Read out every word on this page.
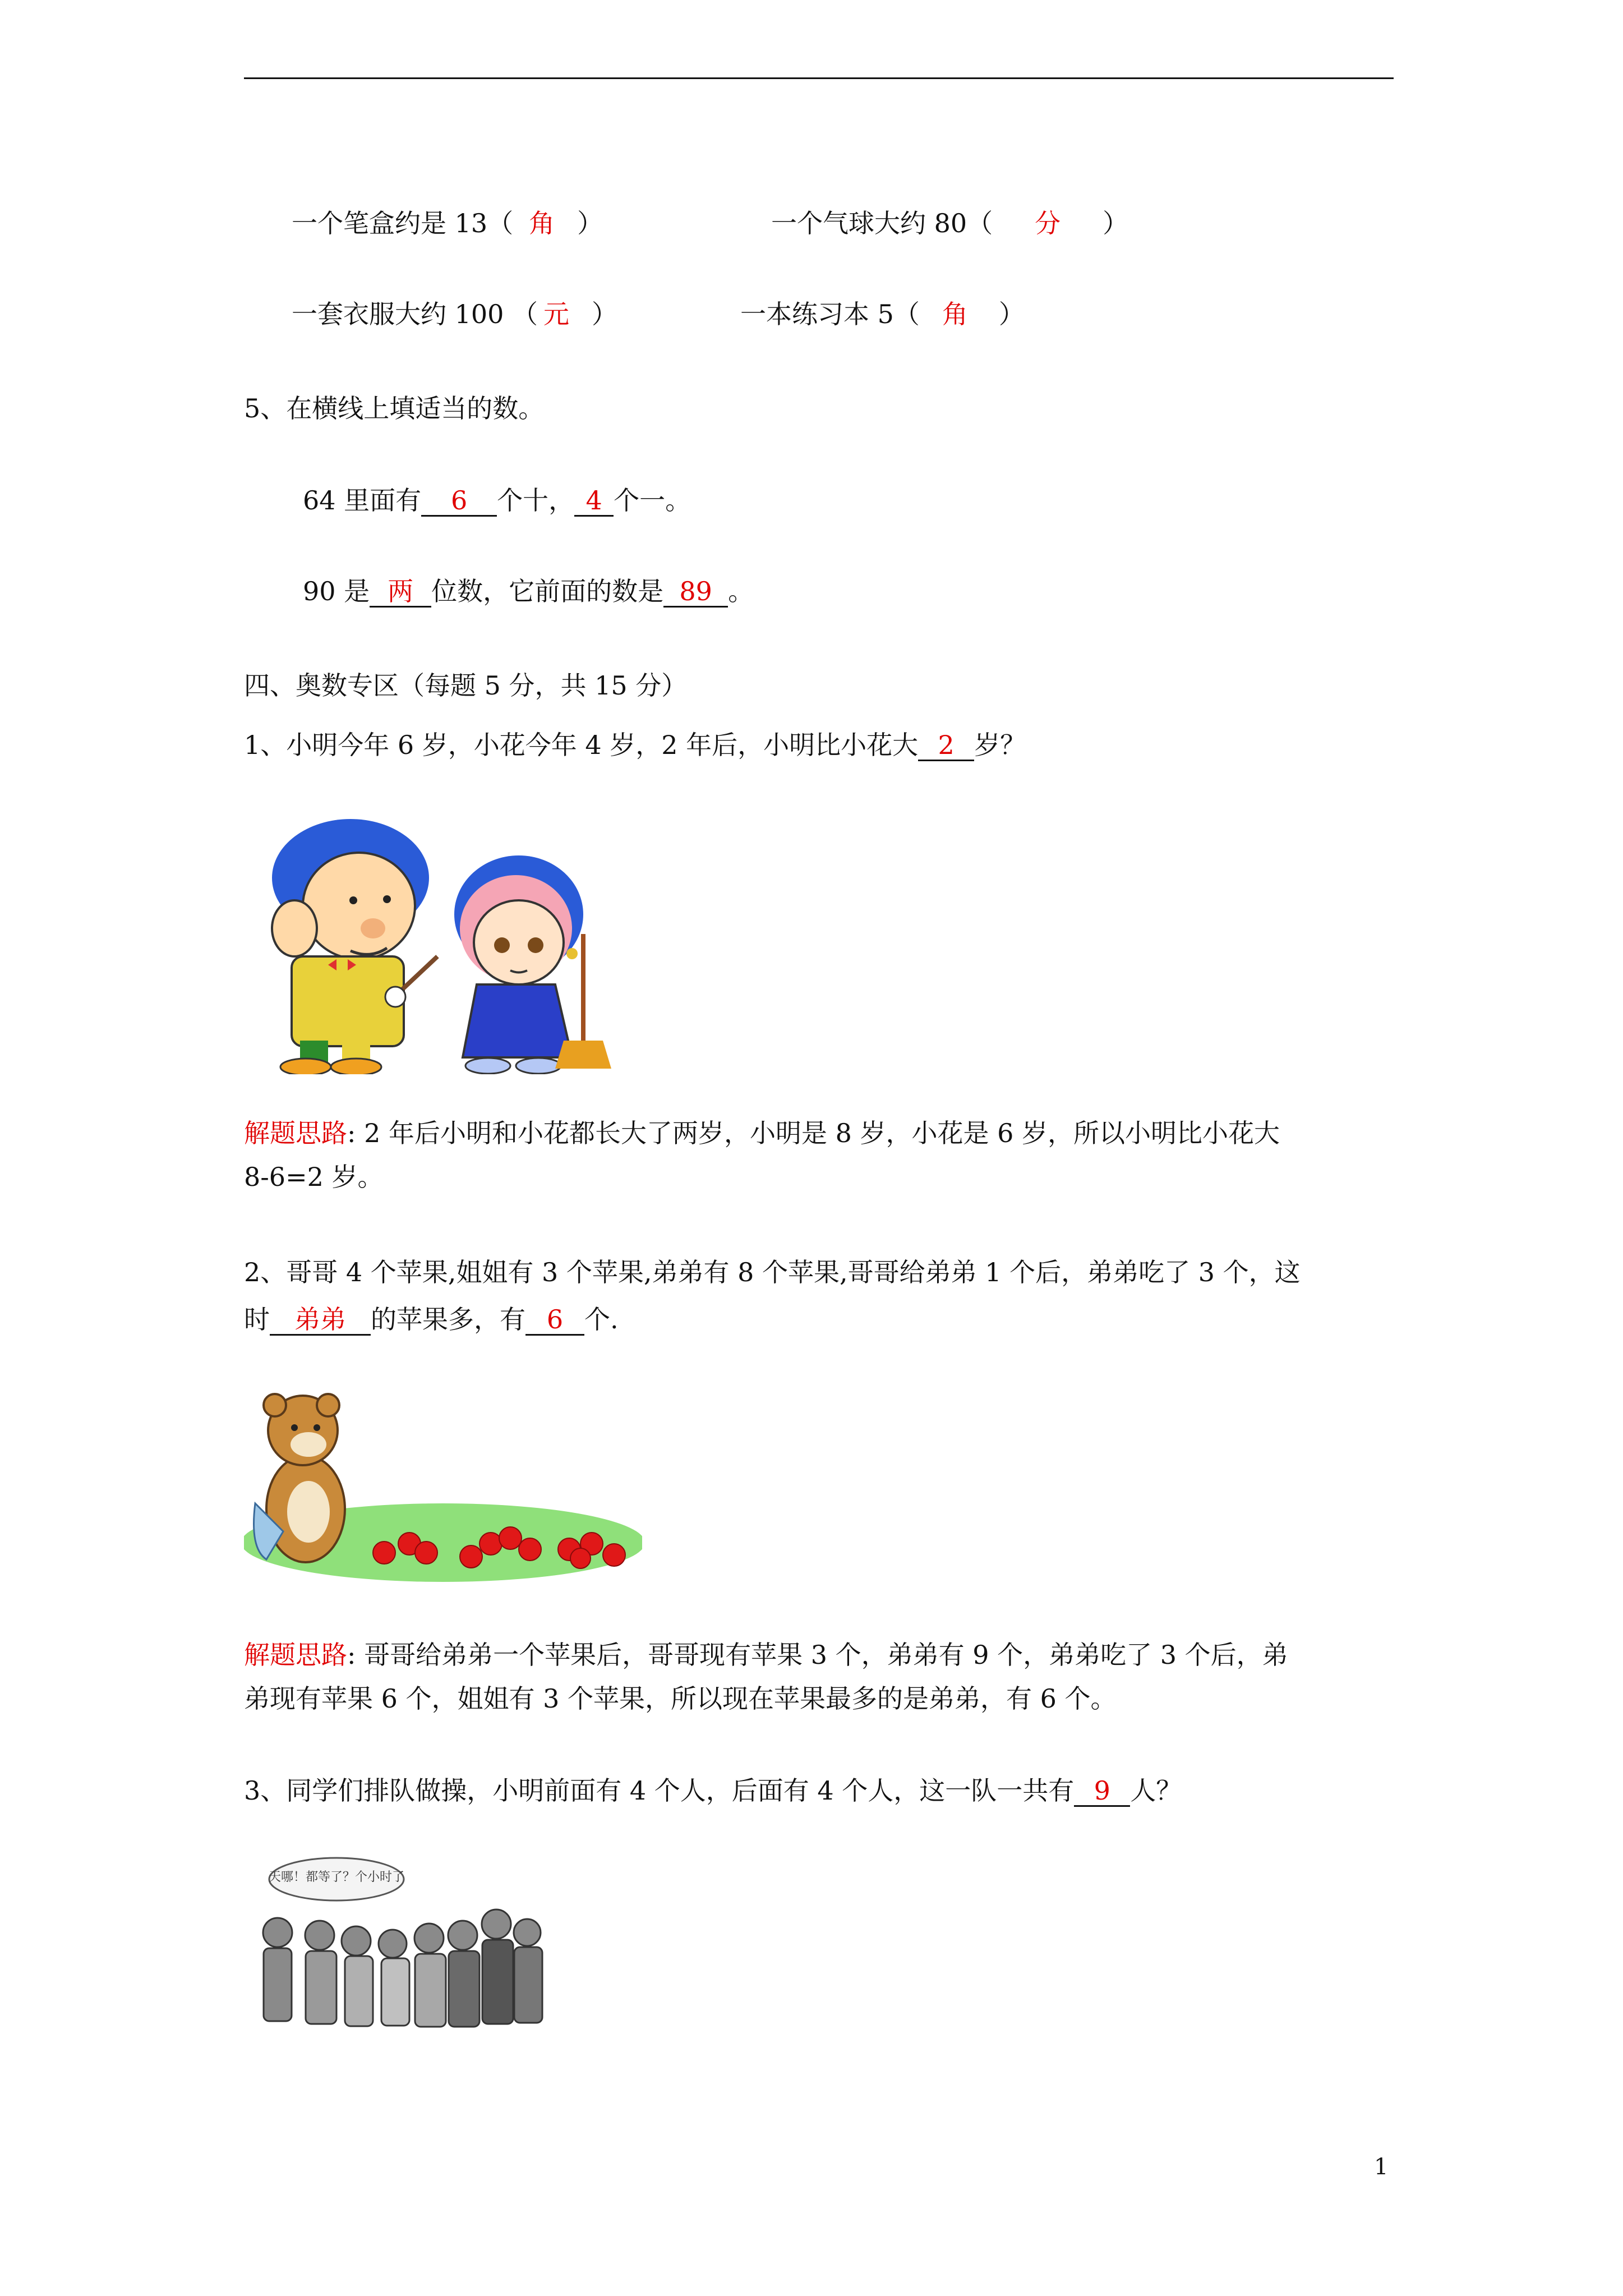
一个笔盒约是 13（ 角 ）	一个气球大约 80（ 分 ）
一套衣服大约 100 （ 元 ）	一本练习本 5（ 角 ）
5、在横线上填适当的数。
64 里面有 6 个十， 4 个一。
90 是 两 位数，它前面的数是 89 。
四、奥数专区（每题 5 分，共 15 分）
1、小明今年 6 岁，小花今年 4 岁，2 年后，小明比小花大 2 岁？
解题思路: 2 年后小明和小花都长大了两岁，小明是 8 岁，小花是 6 岁，所以小明比小花大
8-6=2 岁。
2、哥哥 4 个苹果,姐姐有 3 个苹果,弟弟有 8 个苹果,哥哥给弟弟 1 个后，弟弟吃了 3 个，这
时 弟弟 的苹果多，有 6 个.
解题思路: 哥哥给弟弟一个苹果后，哥哥现有苹果 3 个，弟弟有 9 个，弟弟吃了 3 个后，弟
弟现有苹果 6 个，姐姐有 3 个苹果，所以现在苹果最多的是弟弟，有 6 个。
3、同学们排队做操，小明前面有 4 个人，后面有 4 个人，这一队一共有 9 人？
天哪！都等了？个小时了
1
